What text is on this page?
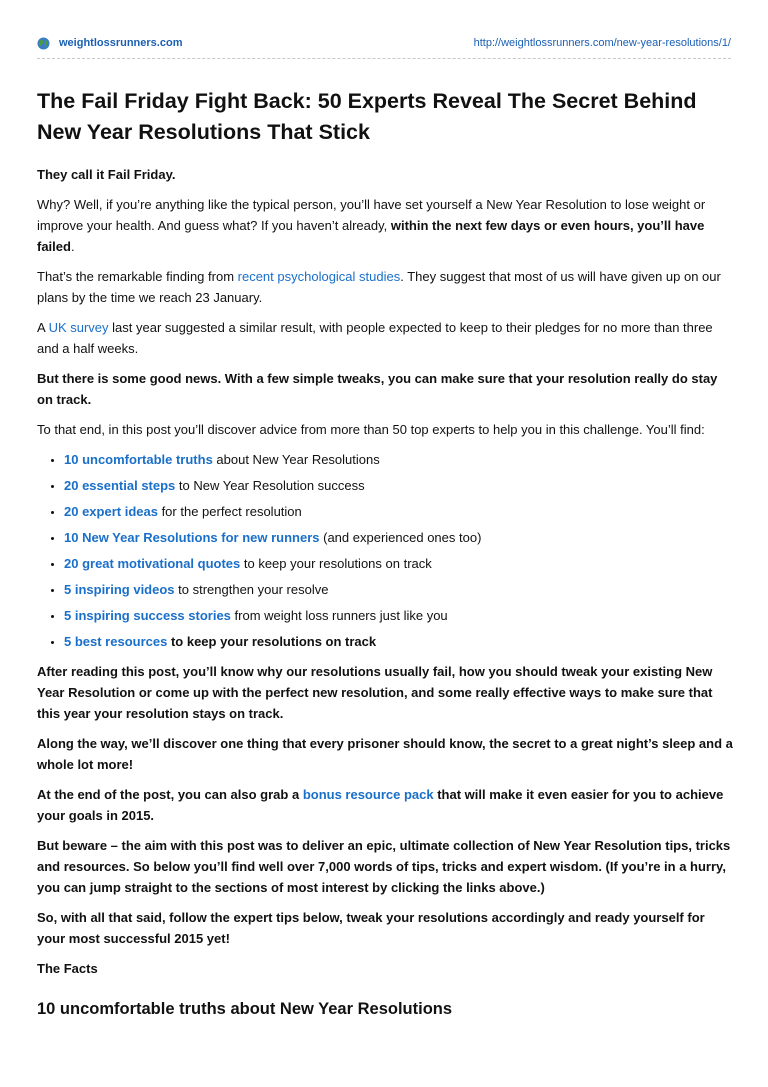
weightlossrunners.com	http://weightlossrunners.com/new-year-resolutions/1/
The Fail Friday Fight Back: 50 Experts Reveal The Secret Behind New Year Resolutions That Stick

They call it Fail Friday.

Why? Well, if you’re anything like the typical person, you’ll have set yourself a New Year Resolution to lose weight or improve your health. And guess what? If you haven’t already, within the next few days or even hours, you’ll have failed.

That’s the remarkable finding from recent psychological studies. They suggest that most of us will have given up on our plans by the time we reach 23 January.

A UK survey last year suggested a similar result, with people expected to keep to their pledges for no more than three and a half weeks.

But there is some good news. With a few simple tweaks, you can make sure that your resolution really do stay on track.

To that end, in this post you’ll discover advice from more than 50 top experts to help you in this challenge. You’ll find:

• 10 uncomfortable truths about New Year Resolutions
• 20 essential steps to New Year Resolution success
• 20 expert ideas for the perfect resolution
• 10 New Year Resolutions for new runners (and experienced ones too)
• 20 great motivational quotes to keep your resolutions on track
• 5 inspiring videos to strengthen your resolve
• 5 inspiring success stories from weight loss runners just like you
• 5 best resources to keep your resolutions on track

After reading this post, you’ll know why our resolutions usually fail, how you should tweak your existing New Year Resolution or come up with the perfect new resolution, and some really effective ways to make sure that this year your resolution stays on track.

Along the way, we’ll discover one thing that every prisoner should know, the secret to a great night’s sleep and a whole lot more!

At the end of the post, you can also grab a bonus resource pack that will make it even easier for you to achieve your goals in 2015.

But beware – the aim with this post was to deliver an epic, ultimate collection of New Year Resolution tips, tricks and resources. So below you’ll find well over 7,000 words of tips, tricks and expert wisdom. (If you’re in a hurry, you can jump straight to the sections of most interest by clicking the links above.)

So, with all that said, follow the expert tips below, tweak your resolutions accordingly and ready yourself for your most successful 2015 yet!

The Facts

10 uncomfortable truths about New Year Resolutions
